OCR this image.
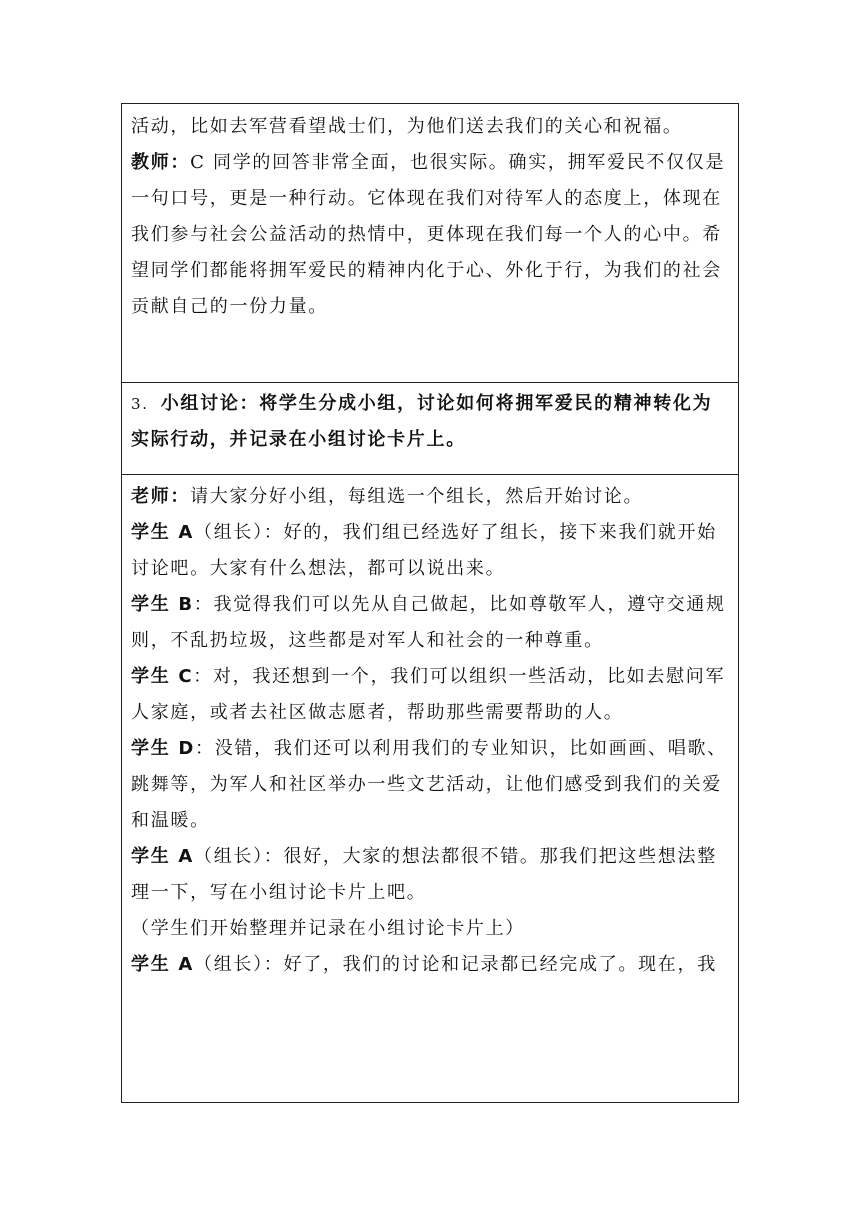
活动，比如去军营看望战士们，为他们送去我们的关心和祝福。

教师：C 同学的回答非常全面，也很实际。确实，拥军爱民不仅仅是

一句口号，更是一种行动。它体现在我们对待军人的态度上，体现在

我们参与社会公益活动的热情中，更体现在我们每一个人的心中。希

望同学们都能将拥军爱民的精神内化于心、外化于行，为我们的社会

贡献自己的一份力量。

3. 小组讨论：将学生分成小组，讨论如何将拥军爱民的精神转化为

实际行动，并记录在小组讨论卡片上。

老师：请大家分好小组，每组选一个组长，然后开始讨论。

学生 A（组长）：好的，我们组已经选好了组长，接下来我们就开始

讨论吧。大家有什么想法，都可以说出来。

学生 B：我觉得我们可以先从自己做起，比如尊敬军人，遵守交通规

则，不乱扔垃圾，这些都是对军人和社会的一种尊重。

学生 C：对，我还想到一个，我们可以组织一些活动，比如去慰问军

人家庭，或者去社区做志愿者，帮助那些需要帮助的人。

学生 D：没错，我们还可以利用我们的专业知识，比如画画、唱歌、

跳舞等，为军人和社区举办一些文艺活动，让他们感受到我们的关爱

和温暖。

学生 A（组长）：很好，大家的想法都很不错。那我们把这些想法整

理一下，写在小组讨论卡片上吧。

（学生们开始整理并记录在小组讨论卡片上）

学生 A（组长）：好了，我们的讨论和记录都已经完成了。现在，我
